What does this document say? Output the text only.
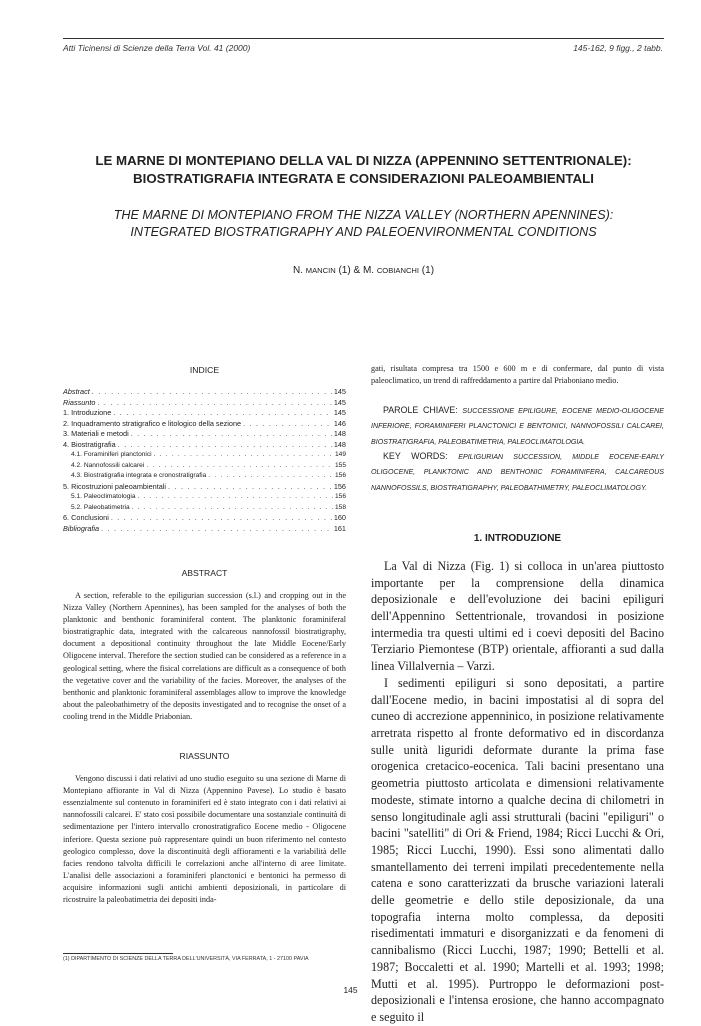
Atti Ticinensi di Scienze della Terra Vol. 41 (2000)	145-162, 9 figg., 2 tabb.
LE MARNE DI MONTEPIANO DELLA VAL DI NIZZA (APPENNINO SETTENTRIONALE):
BIOSTRATIGRAFIA INTEGRATA E CONSIDERAZIONI PALEOAMBIENTALI
THE MARNE DI MONTEPIANO FROM THE NIZZA VALLEY (NORTHERN APENNINES):
INTEGRATED BIOSTRATIGRAPHY AND PALEOENVIRONMENTAL CONDITIONS
N. MANCIN (1) & M. COBIANCHI (1)
INDICE
Abstract . . .	145
Riassunto . . .	145
1. Introduzione . . .	145
2. Inquadramento stratigrafico e litologico della sezione . . .	146
3. Materiali e metodi . . .	148
4. Biostratigrafia . . .	148
4.1. Foraminiferi planctonici . . .	149
4.2. Nannofossili calcarei . . .	155
4.3. Biostratigrafia integrata e cronostratigrafia . . .	156
5. Ricostruzioni paleoambientali . . .	156
5.1. Paleoclimatologia . . .	156
5.2. Paleobatimetria . . .	158
6. Conclusioni . . .	160
Bibliografia . . .	161
ABSTRACT

A section, referable to the epiligurian succession (s.l.) and cropping out in the Nizza Valley (Northern Apennines), has been sampled for the analyses of both the planktonic and benthonic foraminiferal content. The planktonic foraminiferal biostratigraphic data, integrated with the calcareous nannofossil biostratigraphy, document a depositional continuity throughout the late Middle Eocene/Early Oligocene interval. Therefore the section studied can be considered as a reference in a geological setting, where the fisical correlations are difficult as a consequence of both the vegetative cover and the variability of the facies. Moreover, the analyses of the benthonic and planktonic foraminiferal assemblages allow to improve the knowledge about the paleobathimetry of the deposits investigated and to recognise the onset of a cooling trend in the Middle Priabonian.

RIASSUNTO

Vengono discussi i dati relativi ad uno studio eseguito su una sezione di Marne di Montepiano affiorante in Val di Nizza (Appennino Pavese). Lo studio è basato essenzialmente sul contenuto in foraminiferi ed è stato integrato con i dati relativi ai nannofossili calcarei. E' stato così possibile documentare una sostanziale continuità di sedimentazione per l'intero intervallo cronostratigrafico Eocene medio - Oligocene inferiore. Questa sezione può rappresentare quindi un buon riferimento nel contesto geologico complesso, dove la discontinuità degli affioramenti e la variabilità delle facies rendono talvolta difficili le correlazioni anche all'interno di aree limitate. L'analisi delle associazioni a foraminiferi planctonici e bentonici ha permesso di acquisire informazioni sugli antichi ambienti deposizionali, in particolare di ricostruire la paleobatimetria dei depositi inda-

(1) DIPARTIMENTO DI SCIENZE DELLA TERRA DELL'UNIVERSITÀ, VIA FERRATA, 1 - 27100 PAVIA

gati, risultata compresa tra 1500 e 600 m e di confermare, dal punto di vista paleoclimatico, un trend di raffreddamento a partire dal Priaboniano medio.

PAROLE CHIAVE: SUCCESSIONE EPILIGURE, EOCENE MEDIO-OLIGOCENE INFERIORE, FORAMINIFERI PLANCTONICI E BENTONICI, NANNOFOSSILI CALCAREI, BIOSTRATIGRAFIA, PALEOBATIMETRIA, PALEOCLIMATOLOGIA.

KEY WORDS: EPILIGURIAN SUCCESSION, MIDDLE EOCENE-EARLY OLIGOCENE, PLANKTONIC AND BENTHONIC FORAMINIFERA, CALCAREOUS NANNOFOSSILS, BIOSTRATIGRAPHY, PALEOBATHIMETRY, PALEOCLIMATOLOGY.

1. INTRODUZIONE

La Val di Nizza (Fig. 1) si colloca in un'area piuttosto importante per la comprensione della dinamica deposizionale e dell'evoluzione dei bacini epiliguri dell'Appennino Settentrionale, trovandosi in posizione intermedia tra questi ultimi ed i coevi depositi del Bacino Terziario Piemontese (BTP) orientale, affioranti a sud dalla linea Villalvernia – Varzi.

I sedimenti epiliguri si sono depositati, a partire dall'Eocene medio, in bacini impostatisi al di sopra del cuneo di accrezione appenninico, in posizione relativamente arretrata rispetto al fronte deformativo ed in discordanza sulle unità liguridi deformate durante la prima fase orogenica cretacico-eocenica. Tali bacini presentano una geometria piuttosto articolata e dimensioni relativamente modeste, stimate intorno a qualche decina di chilometri in senso longitudinale agli assi strutturali (bacini "epiliguri" o bacini "satelliti" di Ori & Friend, 1984; Ricci Lucchi & Ori, 1985; Ricci Lucchi, 1990). Essi sono alimentati dallo smantellamento dei terreni impilati precedentemente nella catena e sono caratterizzati da brusche variazioni laterali delle geometrie e dello stile deposizionale, da una topografia interna molto complessa, da depositi risedimentati immaturi e disorganizzati e da fenomeni di cannibalismo (Ricci Lucchi, 1987; 1990; Bettelli et al. 1987; Boccaletti et al. 1990; Martelli et al. 1993; 1998; Mutti et al. 1995). Purtroppo le deformazioni post-deposizionali e l'intensa erosione, che hanno accompagnato e seguito il

145
